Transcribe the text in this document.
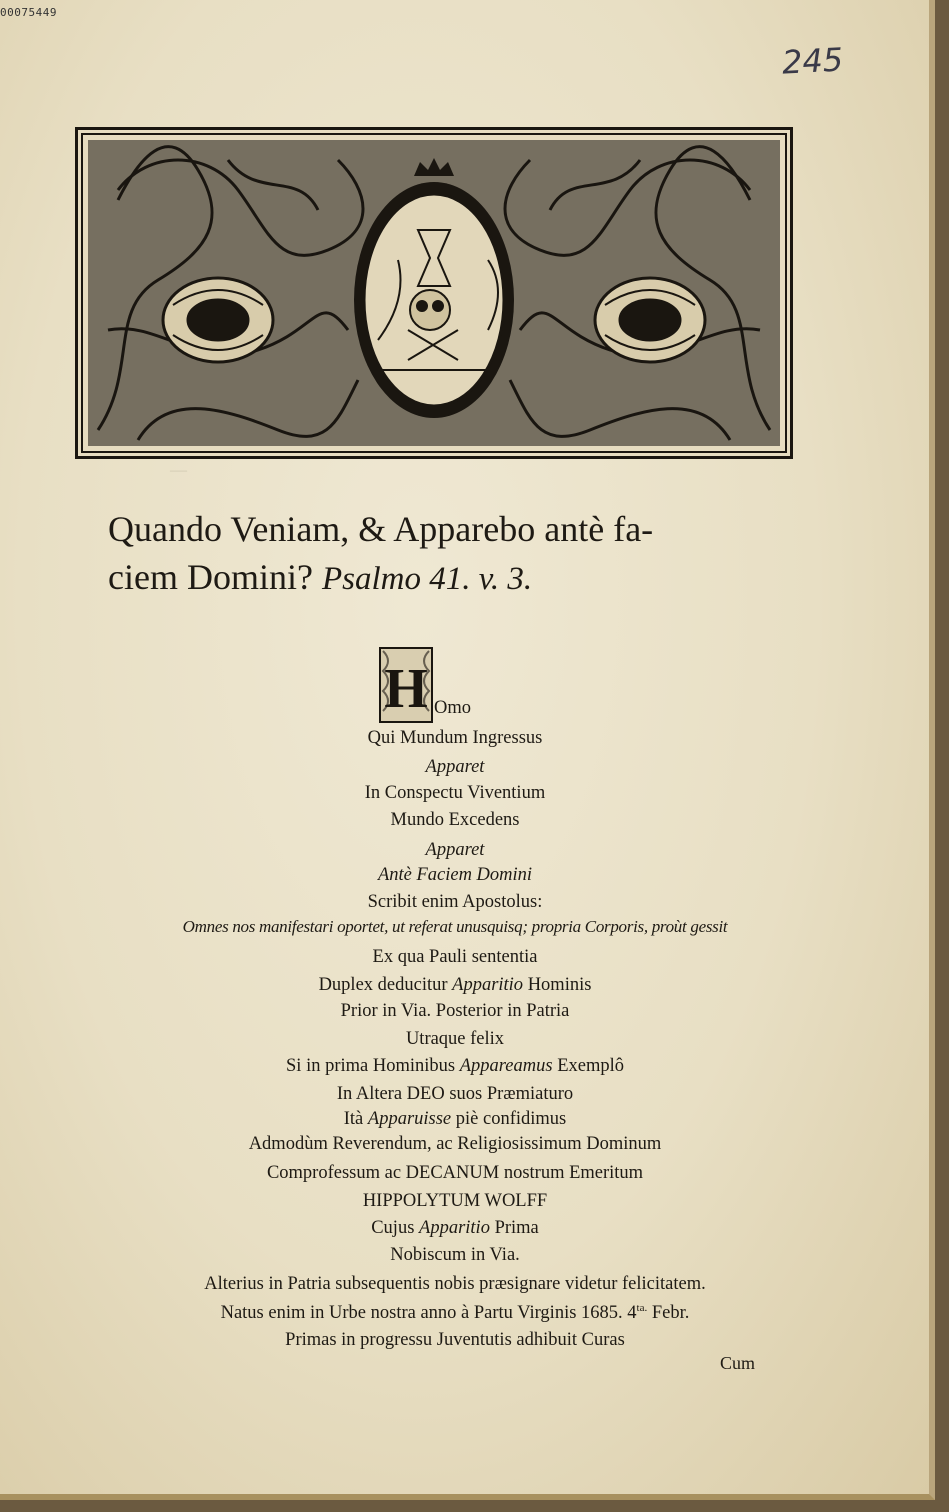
00075449
245
Quando Veniam, & Apparebo antè fa-
ciem Domini? Psalmo 41. v. 3.
H Omo
Qui Mundum Ingressus
Apparet
In Conspectu Viventium
Mundo Excedens
Apparet
Antè Faciem Domini
Scribit enim Apostolus:
Omnes nos manifestari oportet, ut referat unusquisq; propria Corporis, proùt gessit
Ex qua Pauli sententia
Duplex deducitur Apparitio Hominis
Prior in Via. Posterior in Patria
Utraque felix
Si in prima Hominibus Appareamus Exemplô
In Altera DEO suos Præmiaturo
Ità Apparuisse piè confidimus
Admodùm Reverendum, ac Religiosissimum Dominum
Comprofessum ac DECANUM nostrum Emeritum
HIPPOLYTUM WOLFF
Cujus Apparitio Prima
Nobiscum in Via.
Alterius in Patria subsequentis nobis præsignare videtur felicitatem.
Natus enim in Urbe nostra anno à Partu Virginis 1685. $4^{ta.}$ Febr.
Primas in progressu Juventutis adhibuit Curas
Cum
—
